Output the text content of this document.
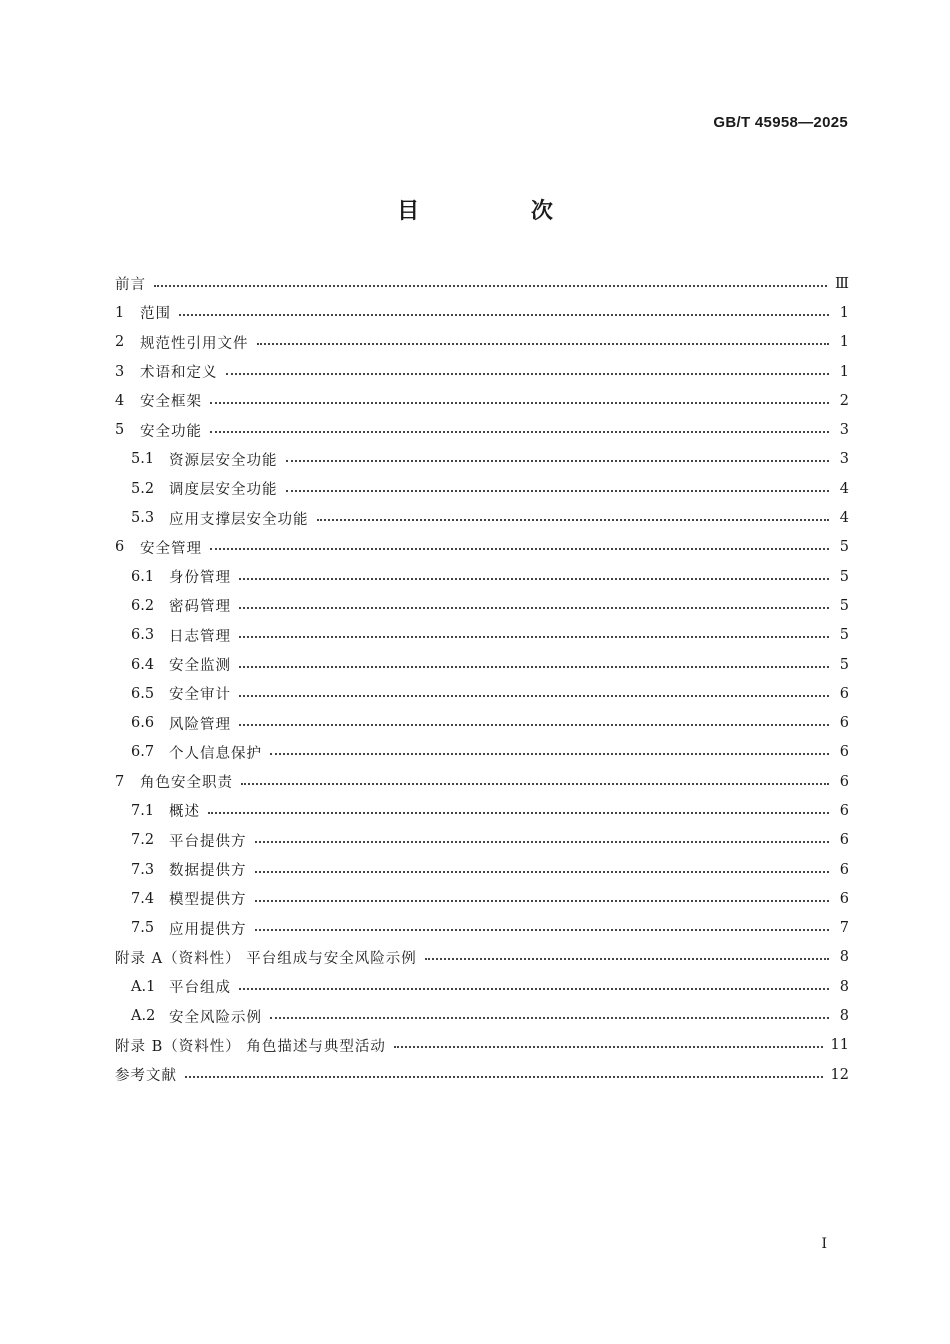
GB/T 45958—2025
目 次
前言	Ⅲ
1 范围	1
2 规范性引用文件	1
3 术语和定义	1
4 安全框架	2
5 安全功能	3
5.1 资源层安全功能	3
5.2 调度层安全功能	4
5.3 应用支撑层安全功能	4
6 安全管理	5
6.1 身份管理	5
6.2 密码管理	5
6.3 日志管理	5
6.4 安全监测	5
6.5 安全审计	6
6.6 风险管理	6
6.7 个人信息保护	6
7 角色安全职责	6
7.1 概述	6
7.2 平台提供方	6
7.3 数据提供方	6
7.4 模型提供方	6
7.5 应用提供方	7
附录 A（资料性） 平台组成与安全风险示例	8
A.1 平台组成	8
A.2 安全风险示例	8
附录 B（资料性） 角色描述与典型活动	11
参考文献	12
I
